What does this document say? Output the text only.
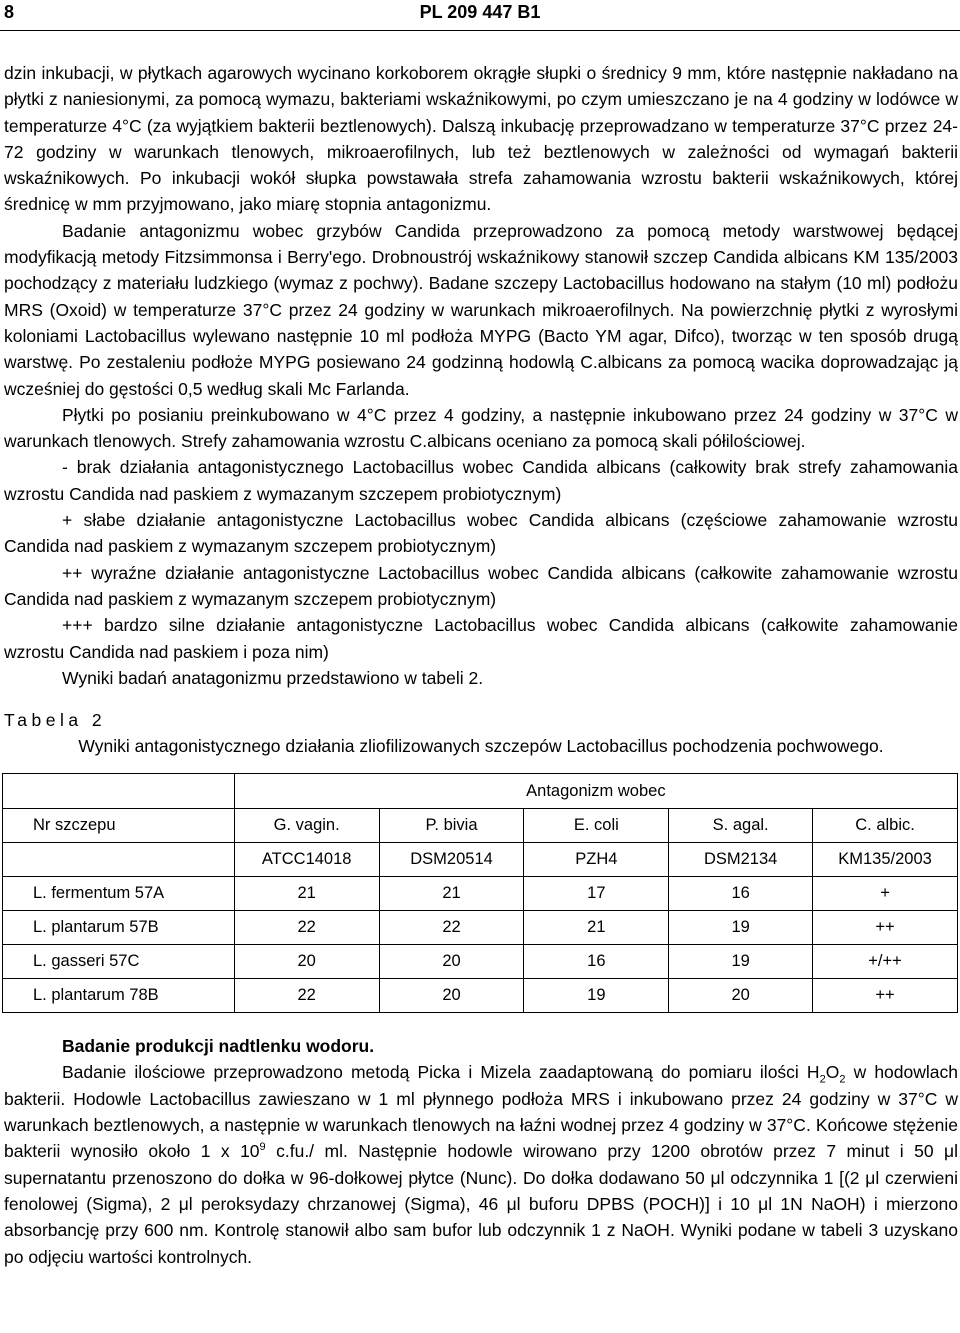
8	PL 209 447 B1

dzin inkubacji, w płytkach agarowych wycinano korkoborem okrągłe słupki o średnicy 9 mm, które następnie nakładano na płytki z naniesionymi, za pomocą wymazu, bakteriami wskaźnikowymi, po czym umieszczano je na 4 godziny w lodówce w temperaturze 4°C (za wyjątkiem bakterii beztlenowych). Dalszą inkubację przeprowadzano w temperaturze 37°C przez 24-72 godziny w warunkach tlenowych, mikroaerofilnych, lub też beztlenowych w zależności od wymagań bakterii wskaźnikowych. Po inkubacji wokół słupka powstawała strefa zahamowania wzrostu bakterii wskaźnikowych, której średnicę w mm przyjmowano, jako miarę stopnia antagonizmu.

Badanie antagonizmu wobec grzybów Candida przeprowadzono za pomocą metody warstwowej będącej modyfikacją metody Fitzsimmonsa i Berry'ego. Drobnoustrój wskaźnikowy stanowił szczep Candida albicans KM 135/2003 pochodzący z materiału ludzkiego (wymaz z pochwy). Badane szczepy Lactobacillus hodowano na stałym (10 ml) podłożu MRS (Oxoid) w temperaturze 37°C przez 24 godziny w warunkach mikroaerofilnych. Na powierzchnię płytki z wyrosłymi koloniami Lactobacillus wylewano następnie 10 ml podłoża MYPG (Bacto YM agar, Difco), tworząc w ten sposób drugą warstwę. Po zestaleniu podłoże MYPG posiewano 24 godzinną hodowlą C.albicans za pomocą wacika doprowadzając ją wcześniej do gęstości 0,5 według skali Mc Farlanda.

Płytki po posianiu preinkubowano w 4°C przez 4 godziny, a następnie inkubowano przez 24 godziny w 37°C w warunkach tlenowych. Strefy zahamowania wzrostu C.albicans oceniano za pomocą skali półilościowej.

- brak działania antagonistycznego Lactobacillus wobec Candida albicans (całkowity brak strefy zahamowania wzrostu Candida nad paskiem z wymazanym szczepem probiotycznym)

+ słabe działanie antagonistyczne Lactobacillus wobec Candida albicans (częściowe zahamowanie wzrostu Candida nad paskiem z wymazanym szczepem probiotycznym)

++ wyraźne działanie antagonistyczne Lactobacillus wobec Candida albicans (całkowite zahamowanie wzrostu Candida nad paskiem z wymazanym szczepem probiotycznym)

+++ bardzo silne działanie antagonistyczne Lactobacillus wobec Candida albicans (całkowite zahamowanie wzrostu Candida nad paskiem i poza nim)

Wyniki badań anatagonizmu przedstawiono w tabeli 2.

Tabela 2

Wyniki antagonistycznego działania zliofilizowanych szczepów Lactobacillus pochodzenia pochwowego.

	Antagonizm wobec				
Nr szczepu	G. vagin.	P. bivia	E. coli	S. agal.	C. albic.
	ATCC14018	DSM20514	PZH4	DSM2134	KM135/2003
L. fermentum 57A	21	21	17	16	+
L. plantarum 57B	22	22	21	19	++
L. gasseri 57C	20	20	16	19	+/++
L. plantarum 78B	22	20	19	20	++

Badanie produkcji nadtlenku wodoru.

Badanie ilościowe przeprowadzono metodą Picka i Mizela zaadaptowaną do pomiaru ilości $H_2O_2$ w hodowlach bakterii. Hodowle Lactobacillus zawieszano w 1 ml płynnego podłoża MRS i inkubowano przez 24 godziny w 37°C w warunkach beztlenowych, a następnie w warunkach tlenowych na łaźni wodnej przez 4 godziny w 37°C. Końcowe stężenie bakterii wynosiło około 1 x $10^9$ c.fu./ ml. Następnie hodowle wirowano przy 1200 obrotów przez 7 minut i 50 μl supernatantu przenoszono do dołka w 96-dołkowej płytce (Nunc). Do dołka dodawano 50 μl odczynnika 1 [(2 μl czerwieni fenolowej (Sigma), 2 μl peroksydazy chrzanowej (Sigma), 46 μl buforu DPBS (POCH)] i 10 μl 1N NaOH) i mierzono absorbancję przy 600 nm. Kontrolę stanowił albo sam bufor lub odczynnik 1 z NaOH. Wyniki podane w tabeli 3 uzyskano po odjęciu wartości kontrolnych.
